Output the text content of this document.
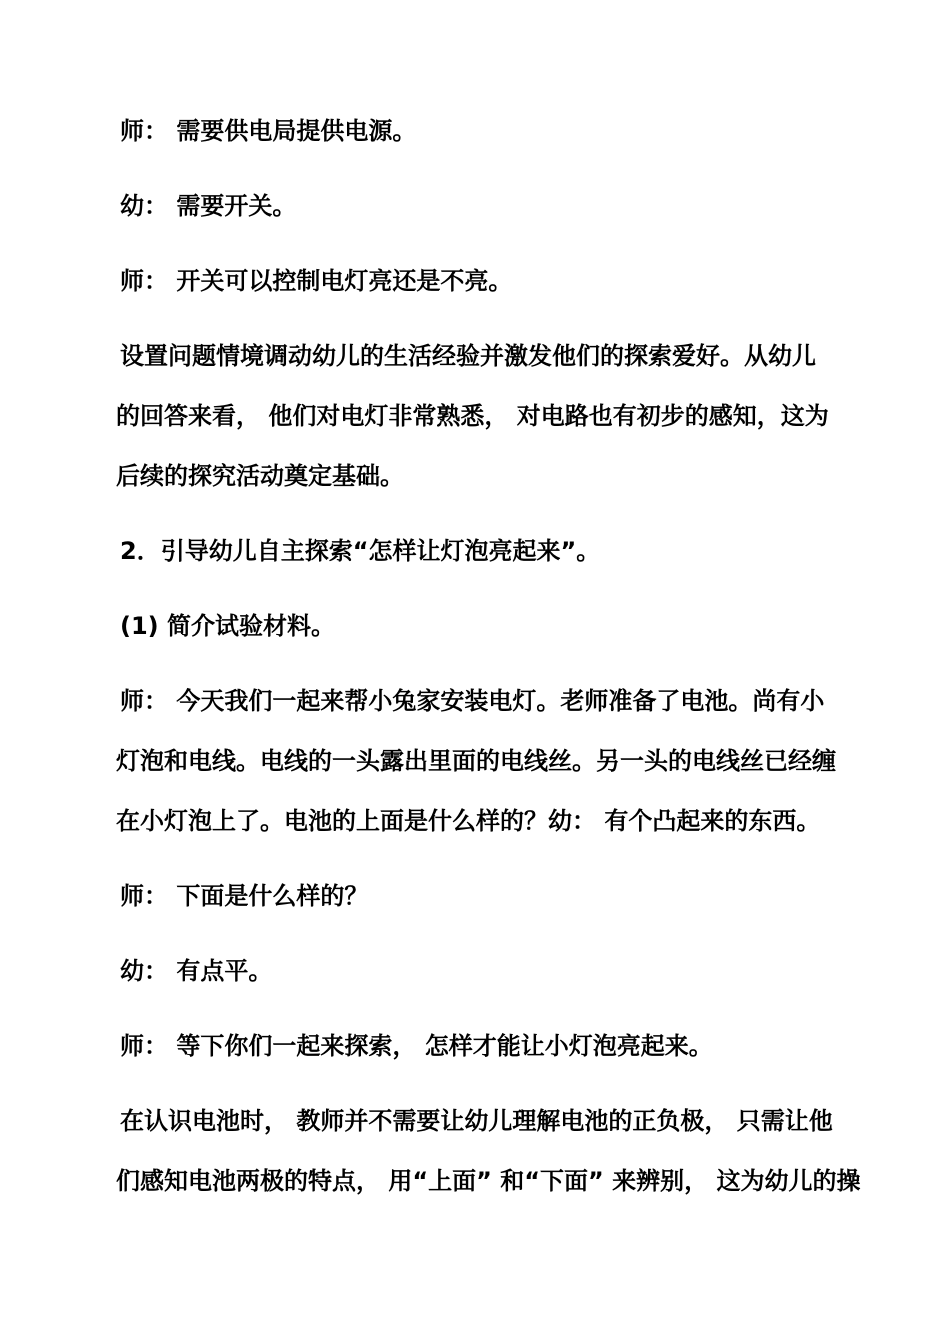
师： 需要供电局提供电源。
幼： 需要开关。
师： 开关可以控制电灯亮还是不亮。
设置问题情境调动幼儿的生活经验并激发他们的探索爱好。从幼儿
的回答来看， 他们对电灯非常熟悉， 对电路也有初步的感知，这为
后续的探究活动奠定基础。
2．引导幼儿自主探索“怎样让灯泡亮起来”。
(1) 简介试验材料。
师： 今天我们一起来帮小兔家安装电灯。老师准备了电池。尚有小
灯泡和电线。电线的一头露出里面的电线丝。另一头的电线丝已经缠
在小灯泡上了。电池的上面是什么样的？幼： 有个凸起来的东西。
师： 下面是什么样的？
幼： 有点平。
师： 等下你们一起来探索， 怎样才能让小灯泡亮起来。
在认识电池时， 教师并不需要让幼儿理解电池的正负极， 只需让他
们感知电池两极的特点， 用“上面” 和“下面” 来辨别， 这为幼儿的操
